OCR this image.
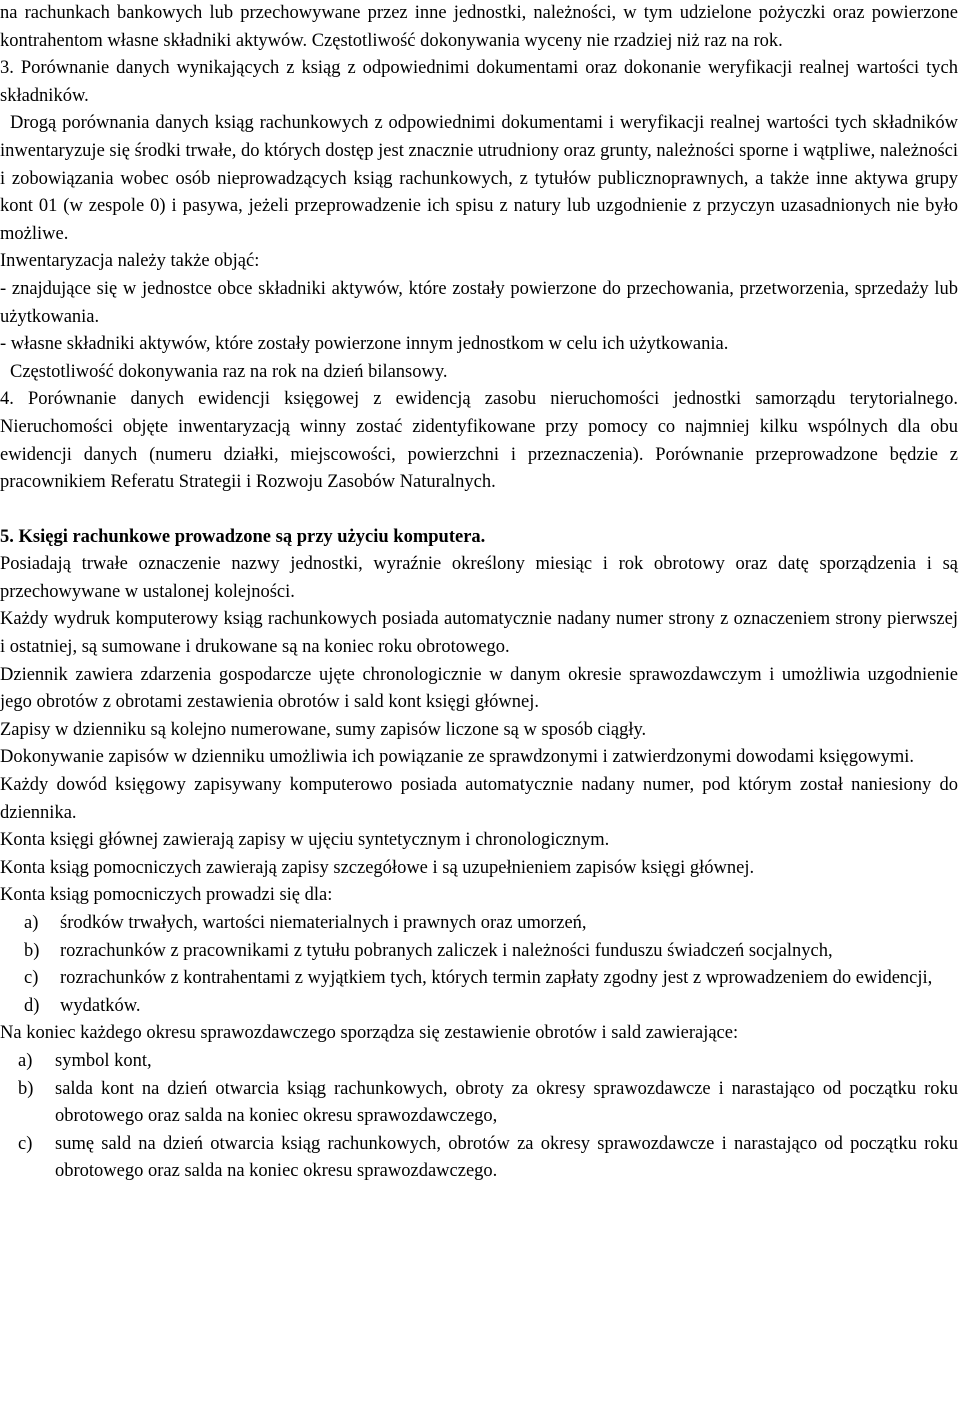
na rachunkach bankowych lub przechowywane przez inne jednostki, należności, w tym udzielone pożyczki oraz powierzone kontrahentom własne składniki aktywów. Częstotliwość dokonywania wyceny nie rzadziej niż raz na rok.

3. Porównanie danych wynikających z ksiąg z odpowiednimi dokumentami oraz dokonanie weryfikacji realnej wartości tych składników.

Drogą porównania danych ksiąg rachunkowych z odpowiednimi dokumentami i weryfikacji realnej wartości tych składników inwentaryzuje się środki trwałe, do których dostęp jest znacznie utrudniony oraz grunty, należności sporne i wątpliwe, należności i zobowiązania wobec osób nieprowadzących ksiąg rachunkowych, z tytułów publicznoprawnych, a także inne aktywa grupy kont 01 (w zespole 0) i pasywa, jeżeli przeprowadzenie ich spisu z natury lub uzgodnienie z przyczyn uzasadnionych nie było możliwe.

Inwentaryzacja należy także objąć:

- znajdujące się w jednostce obce składniki aktywów, które zostały powierzone do przechowania, przetworzenia, sprzedaży lub użytkowania.

- własne składniki aktywów, które zostały powierzone innym jednostkom w celu ich użytkowania.

Częstotliwość dokonywania raz na rok na dzień bilansowy.

4. Porównanie danych ewidencji księgowej z ewidencją zasobu nieruchomości jednostki samorządu terytorialnego. Nieruchomości objęte inwentaryzacją winny zostać zidentyfikowane przy pomocy co najmniej kilku wspólnych dla obu ewidencji danych (numeru działki, miejscowości, powierzchni i przeznaczenia). Porównanie przeprowadzone będzie z pracownikiem Referatu Strategii i Rozwoju Zasobów Naturalnych.

5. Księgi rachunkowe prowadzone są przy użyciu komputera.

Posiadają trwałe oznaczenie nazwy jednostki, wyraźnie określony miesiąc i rok obrotowy oraz datę sporządzenia i są przechowywane w ustalonej kolejności.

Każdy wydruk komputerowy ksiąg rachunkowych posiada automatycznie nadany numer strony z oznaczeniem strony pierwszej i ostatniej, są sumowane i drukowane są na koniec roku obrotowego.

Dziennik zawiera zdarzenia gospodarcze ujęte chronologicznie w danym okresie sprawozdawczym i umożliwia uzgodnienie jego obrotów z obrotami zestawienia obrotów i sald kont księgi głównej.

Zapisy w dzienniku są kolejno numerowane, sumy zapisów liczone są w sposób ciągły.

Dokonywanie zapisów w dzienniku umożliwia ich powiązanie ze sprawdzonymi i zatwierdzonymi dowodami księgowymi.

Każdy dowód księgowy zapisywany komputerowo posiada automatycznie nadany numer, pod którym został naniesiony do dziennika.

Konta księgi głównej zawierają zapisy w ujęciu syntetycznym i chronologicznym.

Konta ksiąg pomocniczych zawierają zapisy szczegółowe i są uzupełnieniem zapisów księgi głównej.

Konta ksiąg pomocniczych prowadzi się dla:

a) środków trwałych, wartości niematerialnych i prawnych oraz umorzeń,
b) rozrachunków z pracownikami z tytułu pobranych zaliczek i należności funduszu świadczeń socjalnych,
c) rozrachunków z kontrahentami z wyjątkiem tych, których termin zapłaty zgodny jest z wprowadzeniem do ewidencji,
d) wydatków.

Na koniec każdego okresu sprawozdawczego sporządza się zestawienie obrotów i sald zawierające:

a) symbol kont,
b) salda kont na dzień otwarcia ksiąg rachunkowych, obroty za okresy sprawozdawcze i narastająco od początku roku obrotowego oraz salda na koniec okresu sprawozdawczego,
c) sumę sald na dzień otwarcia ksiąg rachunkowych, obrotów za okresy sprawozdawcze i narastająco od początku roku obrotowego oraz salda na koniec okresu sprawozdawczego.
